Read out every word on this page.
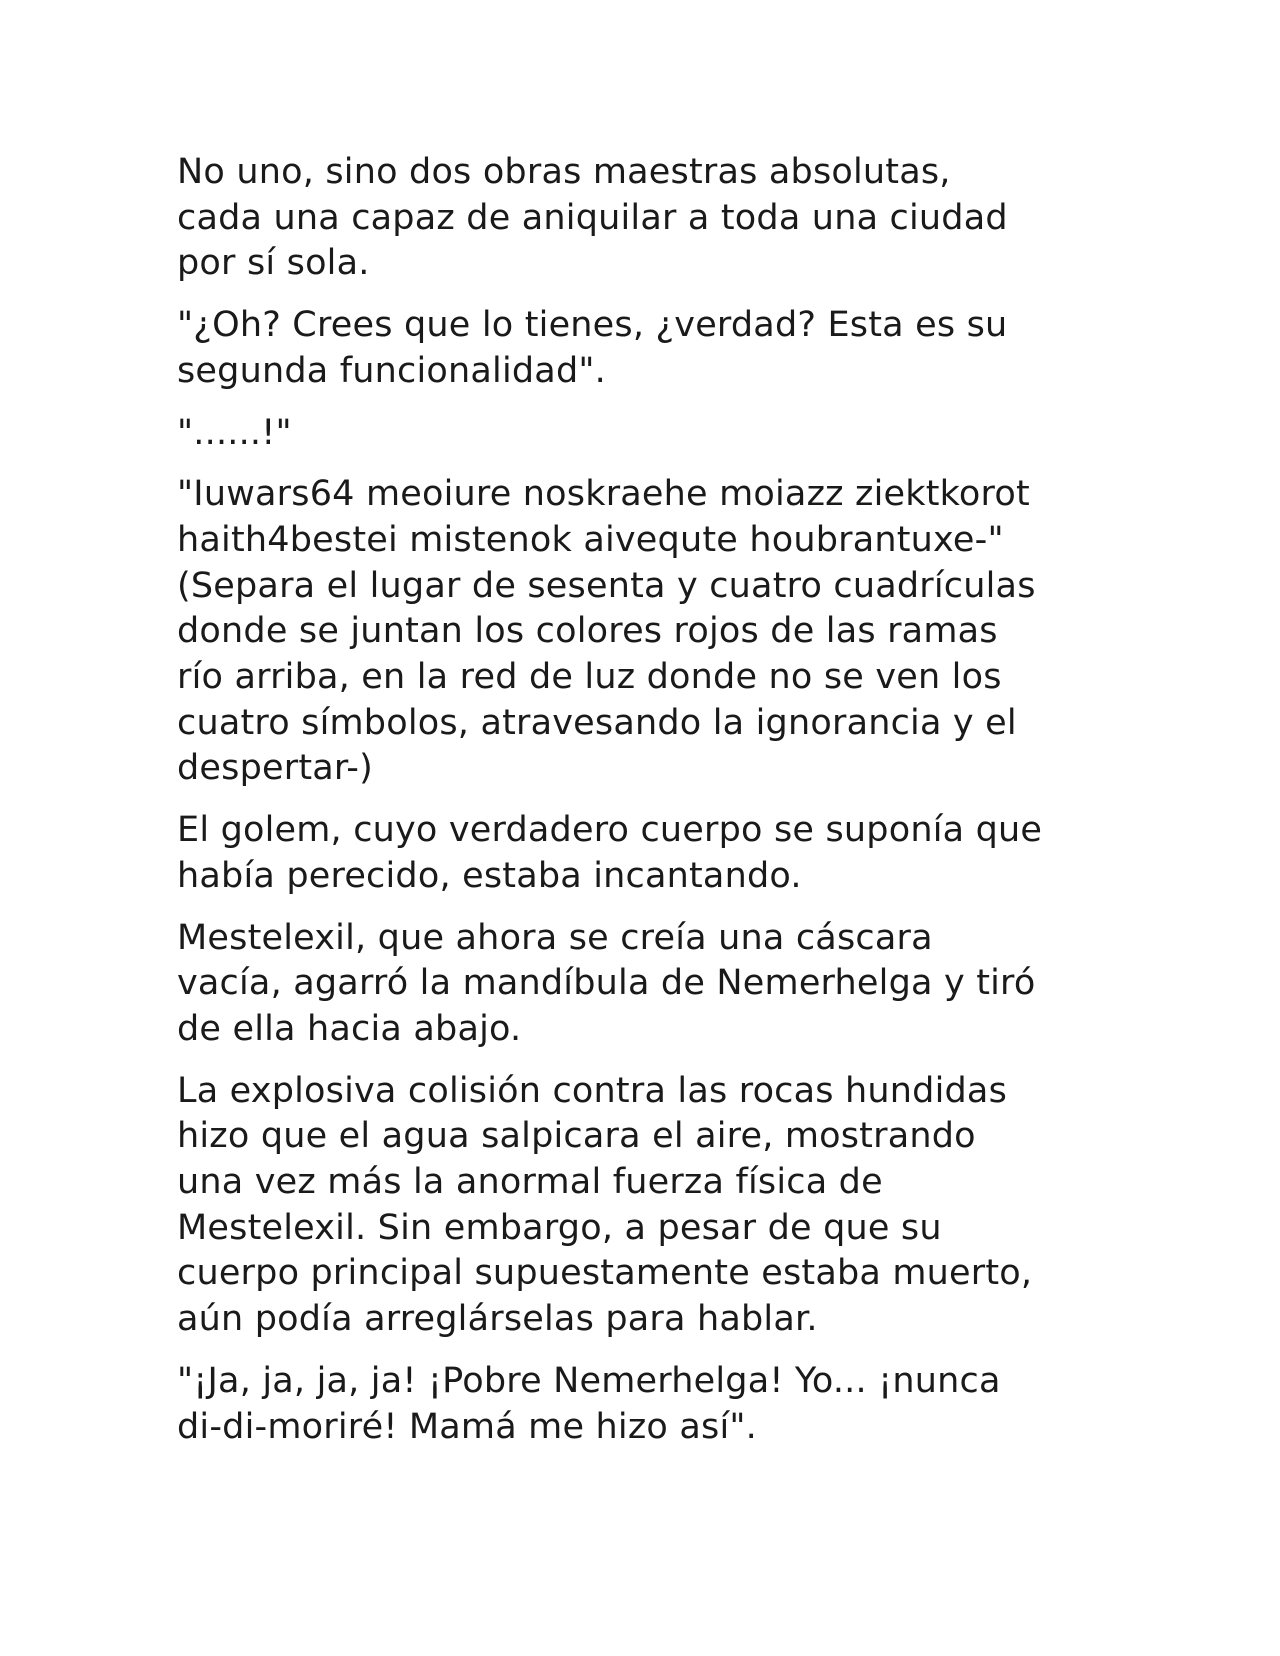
No uno, sino dos obras maestras absolutas,
cada una capaz de aniquilar a toda una ciudad
por sí sola.

"¿Oh? Crees que lo tienes, ¿verdad? Esta es su
segunda funcionalidad".

"......!"

"Iuwars64 meoiure noskraehe moiazz ziektkorot
haith4bestei mistenok aivequte houbrantuxe-"
(Separa el lugar de sesenta y cuatro cuadrículas
donde se juntan los colores rojos de las ramas
río arriba, en la red de luz donde no se ven los
cuatro símbolos, atravesando la ignorancia y el
despertar-)

El golem, cuyo verdadero cuerpo se suponía que
había perecido, estaba incantando.

Mestelexil, que ahora se creía una cáscara
vacía, agarró la mandíbula de Nemerhelga y tiró
de ella hacia abajo.

La explosiva colisión contra las rocas hundidas
hizo que el agua salpicara el aire, mostrando
una vez más la anormal fuerza física de
Mestelexil. Sin embargo, a pesar de que su
cuerpo principal supuestamente estaba muerto,
aún podía arreglárselas para hablar.

"¡Ja, ja, ja, ja! ¡Pobre Nemerhelga! Yo... ¡nunca
di-di-moriré! Mamá me hizo así".
